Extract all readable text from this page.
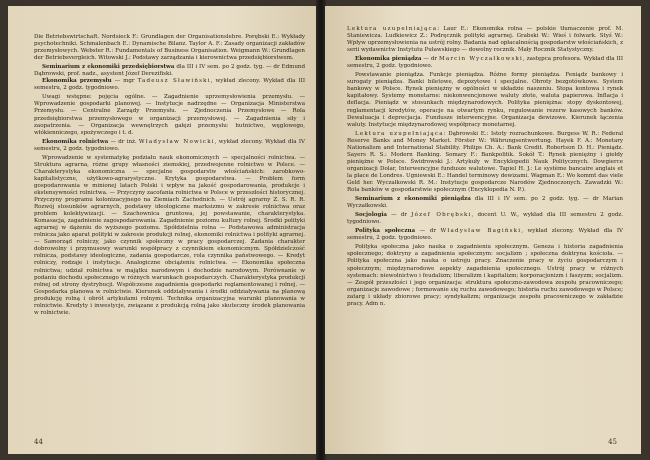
Die Betriebswirtschaft. Nordsieck F.: Grundlagen der Organisationslehre. Porębski E.: Wykłady psychotechniki. Schmalenbach E.: Dynamische Bilanz. Taylor A. F.: Zasady organizacji zakładów przemysłowych. Webster R.: Fundamentals of Business Organisation. Weigmann W.: Grundlagen der Betriebsvergleich. Witowski J.: Podstawy zarządzania i kierownictwa przedsiębiorstwem.

Seminarium z ekonomiki przedsiębiorstwa dla III i IV sem. po 2 godz. tyg. — dr Edmund Dąbrowski, prof. nadz., asystent Józef Derezifiski.

Ekonomika przemysłu — mgr Tadeusz Sławiński, wykład zlecony. Wykład dla III semestru, 2 godz. tygodniowo.

Uwagi wstępne: pojęcia ogólne. — Zagadnienie uprzemysłowienia przemysłu. — Wprowadzenie gospodarki planowej. — Instytucje nadrzędne — Organizacja Ministerstwa Przemysłu. — Centralne Zarządy Przemysłu. — Zjednoczenia Przemysłowe — Rola przedsiębiorstwa przemysłowego w organizacji przemysłowej. — Zagadnienia siły i zaopatrzenia. — Organizacja wewnętrzych gałęzi przemysłu: hutnictwo, węglowego, włókienniczego, spożywczego i t. d.

Ekonomika rolnictwa — dr inż. Władysław Nowicki, wykład zlecony. Wykład dla IV semestru, 2 godz. tygodniowo.

Wprowadzenie w systematykę podziału nauk ekonomicznych — specjalności rolnictwa. — Struktura agrarna, różne grupy własności ziemskiej, przedwojenne rolnictwo w Polsce. — Charakterystyka ekonomiczna — specjalne gospodarstw włościańskich: zarobkowo-kapitalistyczne, użytkowo-agrarystyczne. Krytyka gospodarstwa. — Problem form gospodarowania w minionej latach Polski i wpływ na jakość gospodarowania, produkcje i ekstensywności rolnictwa. — Przyczyny zacofania rolnictwa w Polsce w przeszłości historycznej. Przyczyny programu kolonizacyjnego na Ziemiach Zachodnich. — Ustrój agrarny Z. S. R. R. Rozwój stosunków agrarnych, podstawy ideologiczne marksizmu w zakresie rolnictwa oraz problem kolektywizacji. — Szachownica gruntowa, jej powstawanie, charakterystyka. Komasacja, zagadnienie zagospodarowania. Zagadnienie poziomu kultury rolnej. Środki polityki agrarnej w dążeniu do wyższego poziomu. Spółdzielnia rolna — Podstawowa administracja rolnicza jako aparat polityki w zakresie produkcji rolnej, ekonomiki rolnictwa i polityki agrarnej. — Samorząd rolniczy, jako czynnik społeczny w pracy gospodarczej. Zadania charakter dobrowolny i przymusowy warunki współpracy z czynnikiem ekonomicznym. Spółdzielczość rolnicza, podstawy ideologiczne, zadania gospodarcze, rola czynnika państwowego. — Kredyt rolniczy, rodzaje i instytucje. Analogiczne obciążeniu rolnictwa. — Ekonomika społeczna rolnictwa; udział rolnictwa w majątku narodowym i dochodzie narodowym. Porównanie w podaniu dochodu społecznego w różnych warunkach gospodarczych. Charakterystyka produkcji rolnej od strony dystrybucji. Współczesne zagadnienia gospodarki reglamentowanej i rolnej. — Gospodarka planowa w rolnictwie. Kierunek oddziaływania i środki oddziaływania na planową produkcję rolną i obrót artykułami rolnymi. Technika organizacyjna warunki planowania w rolnictwie. Kredyty i inwestycje, związane z produkcją rolną jako skuteczny środek planowania w rolnictwie.

44

Lektura uzupełniająca: Laur E.: Ekonomika rolna — polskie tłumaczenie prof. M. Staniewicza. Ludkiewicz Z.: Podręcznik polityki agrarnej. Grabski W.: Wieś i folwark. Styś W.: Wpływ uprzemysłowienia na ustrój rolny. Badania nad opłacalnością gospodarstw włościańskich, z serii wydawnictw Instytutu Puławskiego — dowolny rocznik. Mały Rocznik Statystyczny.

Ekonomika pieniądza — dr Marcin Wyczałkowski, zastępca profesora. Wykład dla III semestru, 2 godz. tygodniowo.

Powstawanie pieniądza. Funkcje pieniądza. Różne formy pieniądza. Feniądz bankowy i surogaty pieniądza. Banki biletowe, depozytowe i specjalne. Obroty bezgotówkowe. System bankowy w Polsce. Rynek pieniężny w ogólności w układzie naszeniu. Stopa kontowa i rynek kapitałowy. Systemy monetarne: niekonwencjonowe waluty złote, waluta papierowa. Inflacja i deflacja. Pieniądz w stosunkach międzynarodowych. Polityka pieniężna: stopy dyskontowej, reglamentacji kredytów, operacje na otwartym rynku, regulowanie rezerw kasowych banków. Dewaluacja i deprecjacja. Fundusze interwencyjne. Organizacja dewizowe. Kierunek łączenia waluty. Instytucje międzynarodowej współpracy monetarnej.

Lektura uzupełniająca: Dąbrowski E.: Istoty rozrachunkowe. Burgess W. R.: Federal Reserve Banks and Money Market. Förster W.: Währungsentwertung. Hayek F. A.: Monetary Nationalism and International Stability. Philips Ch. A.: Bank Credit. Robertson D. H.: Pieniądz. Sayers R. S.: Modern Banking. Somary F.: Bankpolitik. Sokół T.: Rynek pieniężny i giełdy pieniężne w Polsce. Świdrowski J.: Artykuły w Encyklopedii Nauk Politycznych. Dowgierce organizacji Dolar, Interwencyjne fundusze walutowe. Tapiel H. J.: Le système bancaire anglais et la place de Londres. Ugniewski E.: Handel terminowy dewizami. Wagman E.: Wo kommt das viele Geld her. Wyczałkowski R. M.: Instytucje gospodarcze Narodów Zjednoczonych. Zawadzki W.: Rola banków w gospodarstwie społecznym (Encyklopedia N. P.).

Seminarium z ekonomiki pieniądza dla III i IV sem. po 2 godz. tyg. — dr Marian Wyczałkowski.

Socjologia — dr Józef Obrębski, docent U. W., wykład dla III semestru 2 godz. tygodniowo.

Polityka społeczna — dr Władysław Bagiński, wykład zlecony. Wykład dla IV semestru, 2 godz. tygodniowo.

Polityka społeczna jako nauka o zagadnieniu społecznym. Geneza i historia zagadnienia społecznego; doktryny a zagadnienia społecznym: socjalizm ; społeczna doktryna kościoła. — Polityka społeczna jako nauka o ustroju pracy. Znaczenie pracy w życiu gospodarczym i społecznym; międzynarodowe aspekty zagadnienia społecznego. Ustrój pracy w różnych systemach: niewolnictwo i feudalizm; liberalizm i kapitalizm; korporacjonizm i faszyzm; socjalizm. — Zespół przeszłości i jego organizacja: struktura społeczno-zawodowa zespołu pracowniczego; organizacje zawodowe ; formowanie się ruchu zawodowego; historia ruchu zawodowego w Polsce; zatarg i układy zbiorowe pracy; syndykalizm; organizacje zespołu pracowniczego w zakładzie pracy. Adm n.

45
